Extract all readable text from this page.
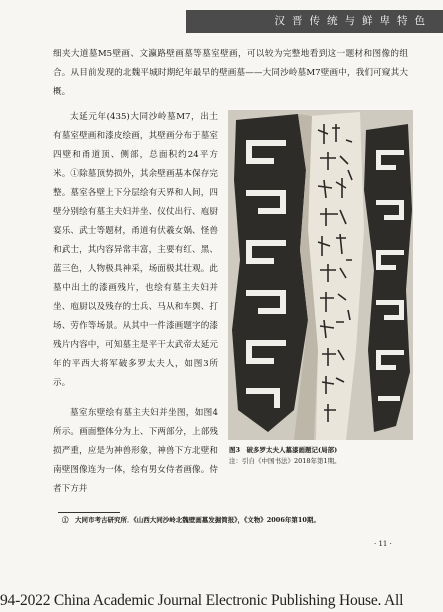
汉晋传统与鲜卑特色

细夹大道墓M5壁画、文瀛路壁画墓等墓室壁画，可以较为完整地看到这一题材和图像的组合。从目前发现的北魏平城时期纪年最早的壁画墓——大同沙岭墓M7壁画中，我们可窥其大概。

太延元年(435)大同沙岭墓M7，出土有墓室壁画和漆皮绘画，其壁画分布于墓室四壁和甬道顶、侧部，总面积约24平方米。①除墓顶势损外，其余壁画基本保存完整。墓室各壁上下分层绘有天界和人间，四壁分别绘有墓主夫妇并坐、仪仗出行、庖厨宴乐、武士等题材，甬道有伏羲女娲、怪兽和武士，其内容异常丰富，主要有红、黑、蓝三色，人物极具神采，场面极其壮观。此墓中出土的漆画残片，也绘有墓主夫妇并坐、庖厨以及残存的士兵、马从和车舆、打场、劳作等场景。从其中一件漆画题字的漆残片内容中，可知墓主是平干太武帝太延元年的平西大将军破多罗太夫人，如图3所示。

墓室东壁绘有墓主夫妇并坐图，如图4所示。画面整体分为上、下两部分，上部残损严重，应是为神兽形象，神兽下方北壁和南壁图像连为一体，绘有男女侍者画像。侍者下方并

图3　破多罗太夫人墓漆画题记(局部)
注：引自《中国书法》2018年第1期。
①　大同市考古研究所．《山西大同沙岭北魏壁画墓发掘简报》，《文物》2006年第10期。
· 11 ·
94-2022 China Academic Journal Electronic Publishing House. All
